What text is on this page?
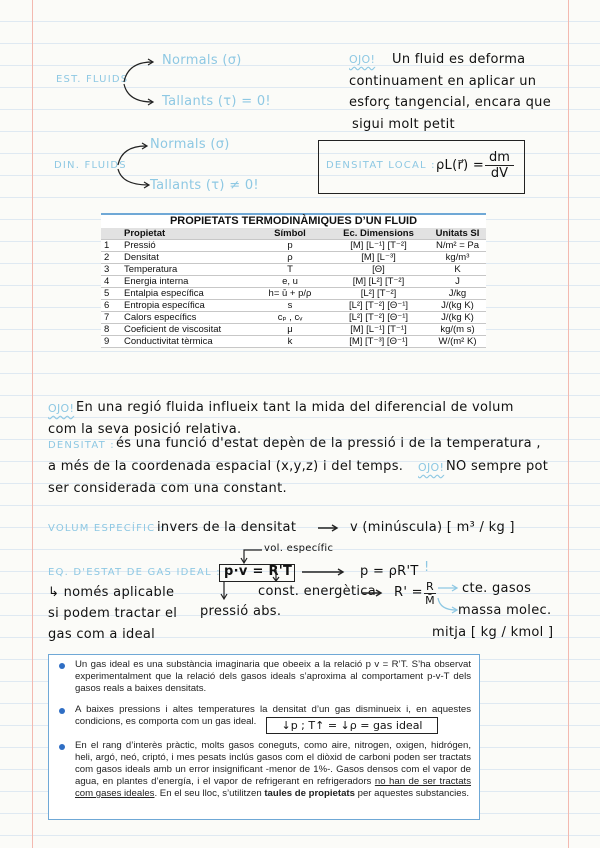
EST. FLUIDS
Normals (σ)
Tallants (τ) = 0!
OJO! Un fluid es deforma
continuament en aplicar un
esforç tangencial, encara que
sigui molt petit
DIN. FLUIDS
Normals (σ)
Tallants (τ) ≠ 0!
DENSITAT LOCAL : ρL(r⃗) = $\frac{dm}{dV}$
PROPIETATS TERMODINÀMIQUES D’UN FLUID
	Propietat	Símbol	Ec. Dimensions	Unitats SI
1	Pressió	p	[M] [L⁻¹] [T⁻²]	N/m² = Pa
2	Densitat	ρ	[M] [L⁻³]	kg/m³
3	Temperatura	T	[Θ]	K
4	Energia interna	e, u	[M] [L²] [T⁻²]	J
5	Entalpia específica	h= ū + p/ρ	[L²] [T⁻²]	J/kg
6	Entropia específica	s	[L²] [T⁻²] [Θ⁻¹]	J/(kg K)
7	Calors específics	cₚ , cᵥ	[L²] [T⁻²] [Θ⁻¹]	J/(kg K)
8	Coeficient de viscositat	μ	[M] [L⁻¹] [T⁻¹]	kg/(m s)
9	Conductivitat tèrmica	k	[M] [T⁻³] [Θ⁻¹]	W/(m² K)
OJO! En una regió fluida influeix tant la mida del diferencial de volum
com la seva posició relativa.
DENSITAT : és una funció d'estat depèn de la pressió i de la temperatura ,
a més de la coordenada espacial (x,y,z) i del temps. OJO! NO sempre pot
ser considerada com una constant.
VOLUM ESPECÍFIC :
invers de la densitat	v (minúscula) [ m³ / kg ]
vol. específic
EQ. D'ESTAT DE GAS IDEAL : p·v = R'T	p = ρR'T !
↳ només aplicable
si podem tractar el
gas com a ideal
pressió abs.
const. energètica R' = R
M̄
cte. gasos
massa molec.
mitja [ kg / kmol ]
Un gas ideal es una substància imaginaria que obeeix a la relació p v = R’T. S’ha observat experimentalment que la relació dels gasos ideals s’aproxima al comportament p-v-T dels gasos reals a baixes densitats.
A baixes pressions i altes temperatures la densitat d’un gas disminueix i, en aquestes condicions, es comporta com un gas ideal.
En el rang d’interès pràctic, molts gasos coneguts, como aire, nitrogen, oxigen, hidrógen, heli, argó, neó, criptó, i mes pesats inclús gasos com el diòxid de carboni poden ser tractats com gasos ideals amb un error insignificant -menor de 1%-. Gasos densos com el vapor de agua, en plantes d’energía, i el vapor de refrigerant en refrigeradors no han de ser tractats com gases ideales. En el seu lloc, s’utilitzen taules de propietats per aquestes substancies.
↓p ; T↑ = ↓ρ = gas ideal
